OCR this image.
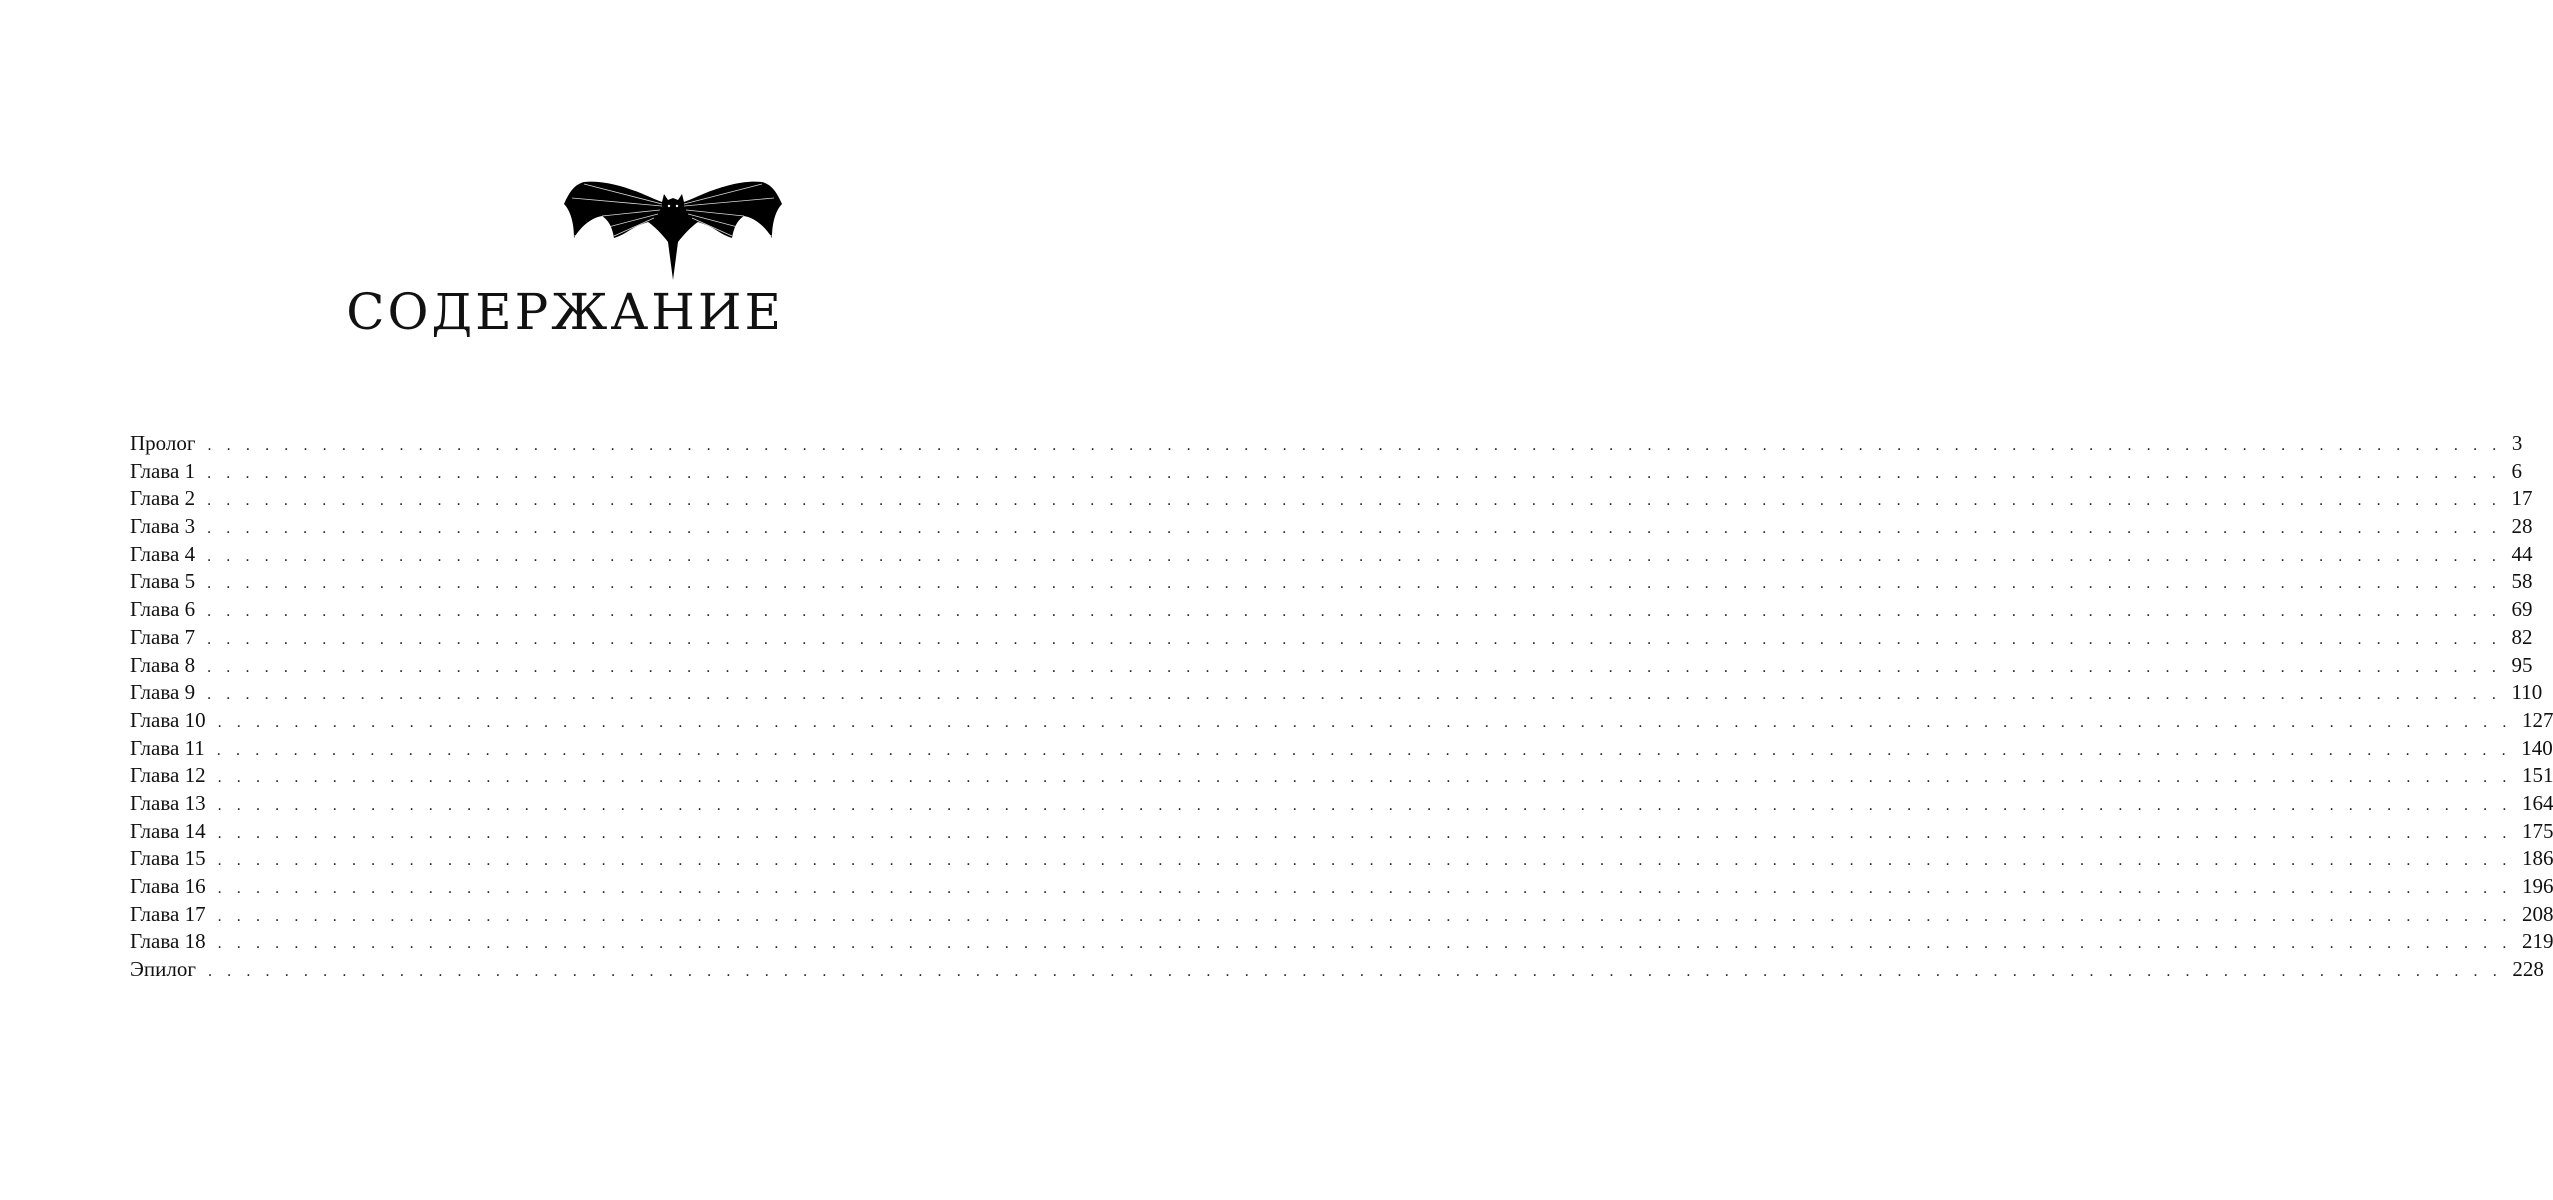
СОДЕРЖАНИЕ
Пролог . . . . . . . . . . . . . . . . . . . . . . . . . . . . . . . . . . . . . . . . . . . . . . . . . . . . . . . . . . . . . . . . . . . . . . . . . . . . . . . . . . . . . . . . . . . . . . . . . . . . . . . . . . . . . . . . . . . . . . . . 3
Глава 1 . . . . . . . . . . . . . . . . . . . . . . . . . . . . . . . . . . . . . . . . . . . . . . . . . . . . . . . . . . . . . . . . . . . . . . . . . . . . . . . . . . . . . . . . . . . . . . . . . . . . . . . . . . . . . . . . . . . . . . . . 6
Глава 2 . . . . . . . . . . . . . . . . . . . . . . . . . . . . . . . . . . . . . . . . . . . . . . . . . . . . . . . . . . . . . . . . . . . . . . . . . . . . . . . . . . . . . . . . . . . . . . . . . . . . . . . . . . . . . . . . . . . . . . . . 17
Глава 3 . . . . . . . . . . . . . . . . . . . . . . . . . . . . . . . . . . . . . . . . . . . . . . . . . . . . . . . . . . . . . . . . . . . . . . . . . . . . . . . . . . . . . . . . . . . . . . . . . . . . . . . . . . . . . . . . . . . . . . . . 28
Глава 4 . . . . . . . . . . . . . . . . . . . . . . . . . . . . . . . . . . . . . . . . . . . . . . . . . . . . . . . . . . . . . . . . . . . . . . . . . . . . . . . . . . . . . . . . . . . . . . . . . . . . . . . . . . . . . . . . . . . . . . . . 44
Глава 5 . . . . . . . . . . . . . . . . . . . . . . . . . . . . . . . . . . . . . . . . . . . . . . . . . . . . . . . . . . . . . . . . . . . . . . . . . . . . . . . . . . . . . . . . . . . . . . . . . . . . . . . . . . . . . . . . . . . . . . . . 58
Глава 6 . . . . . . . . . . . . . . . . . . . . . . . . . . . . . . . . . . . . . . . . . . . . . . . . . . . . . . . . . . . . . . . . . . . . . . . . . . . . . . . . . . . . . . . . . . . . . . . . . . . . . . . . . . . . . . . . . . . . . . . . 69
Глава 7 . . . . . . . . . . . . . . . . . . . . . . . . . . . . . . . . . . . . . . . . . . . . . . . . . . . . . . . . . . . . . . . . . . . . . . . . . . . . . . . . . . . . . . . . . . . . . . . . . . . . . . . . . . . . . . . . . . . . . . . . 82
Глава 8 . . . . . . . . . . . . . . . . . . . . . . . . . . . . . . . . . . . . . . . . . . . . . . . . . . . . . . . . . . . . . . . . . . . . . . . . . . . . . . . . . . . . . . . . . . . . . . . . . . . . . . . . . . . . . . . . . . . . . . . . 95
Глава 9 . . . . . . . . . . . . . . . . . . . . . . . . . . . . . . . . . . . . . . . . . . . . . . . . . . . . . . . . . . . . . . . . . . . . . . . . . . . . . . . . . . . . . . . . . . . . . . . . . . . . . . . . . . . . . . . . . . . . . . . . 110
Глава 10 . . . . . . . . . . . . . . . . . . . . . . . . . . . . . . . . . . . . . . . . . . . . . . . . . . . . . . . . . . . . . . . . . . . . . . . . . . . . . . . . . . . . . . . . . . . . . . . . . . . . . . . . . . . . . . . . . . . . . . . . 127
Глава 11 . . . . . . . . . . . . . . . . . . . . . . . . . . . . . . . . . . . . . . . . . . . . . . . . . . . . . . . . . . . . . . . . . . . . . . . . . . . . . . . . . . . . . . . . . . . . . . . . . . . . . . . . . . . . . . . . . . . . . . . . 140
Глава 12 . . . . . . . . . . . . . . . . . . . . . . . . . . . . . . . . . . . . . . . . . . . . . . . . . . . . . . . . . . . . . . . . . . . . . . . . . . . . . . . . . . . . . . . . . . . . . . . . . . . . . . . . . . . . . . . . . . . . . . . . 151
Глава 13 . . . . . . . . . . . . . . . . . . . . . . . . . . . . . . . . . . . . . . . . . . . . . . . . . . . . . . . . . . . . . . . . . . . . . . . . . . . . . . . . . . . . . . . . . . . . . . . . . . . . . . . . . . . . . . . . . . . . . . . . 164
Глава 14 . . . . . . . . . . . . . . . . . . . . . . . . . . . . . . . . . . . . . . . . . . . . . . . . . . . . . . . . . . . . . . . . . . . . . . . . . . . . . . . . . . . . . . . . . . . . . . . . . . . . . . . . . . . . . . . . . . . . . . . . 175
Глава 15 . . . . . . . . . . . . . . . . . . . . . . . . . . . . . . . . . . . . . . . . . . . . . . . . . . . . . . . . . . . . . . . . . . . . . . . . . . . . . . . . . . . . . . . . . . . . . . . . . . . . . . . . . . . . . . . . . . . . . . . . 186
Глава 16 . . . . . . . . . . . . . . . . . . . . . . . . . . . . . . . . . . . . . . . . . . . . . . . . . . . . . . . . . . . . . . . . . . . . . . . . . . . . . . . . . . . . . . . . . . . . . . . . . . . . . . . . . . . . . . . . . . . . . . . . 196
Глава 17 . . . . . . . . . . . . . . . . . . . . . . . . . . . . . . . . . . . . . . . . . . . . . . . . . . . . . . . . . . . . . . . . . . . . . . . . . . . . . . . . . . . . . . . . . . . . . . . . . . . . . . . . . . . . . . . . . . . . . . . . 208
Глава 18 . . . . . . . . . . . . . . . . . . . . . . . . . . . . . . . . . . . . . . . . . . . . . . . . . . . . . . . . . . . . . . . . . . . . . . . . . . . . . . . . . . . . . . . . . . . . . . . . . . . . . . . . . . . . . . . . . . . . . . . . 219
Эпилог . . . . . . . . . . . . . . . . . . . . . . . . . . . . . . . . . . . . . . . . . . . . . . . . . . . . . . . . . . . . . . . . . . . . . . . . . . . . . . . . . . . . . . . . . . . . . . . . . . . . . . . . . . . . . . . . . . . . . . . . 228
